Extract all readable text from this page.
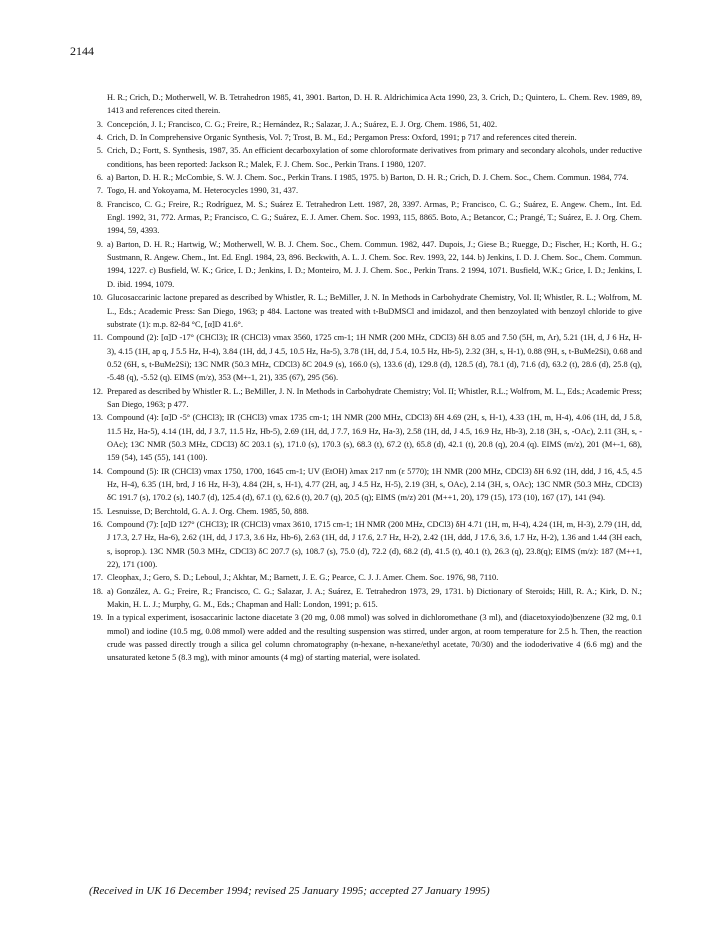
2144
H. R.; Crich, D.; Motherwell, W. B. Tetrahedron 1985, 41, 3901. Barton, D. H. R. Aldrichimica Acta 1990, 23, 3. Crich, D.; Quintero, L. Chem. Rev. 1989, 89, 1413 and references cited therein.
3. Concepción, J. I.; Francisco, C. G.; Freire, R.; Hernández, R.; Salazar, J. A.; Suárez, E. J. Org. Chem. 1986, 51, 402.
4. Crich, D. In Comprehensive Organic Synthesis, Vol. 7; Trost, B. M., Ed.; Pergamon Press: Oxford, 1991; p 717 and references cited therein.
5. Crich, D.; Fortt, S. Synthesis, 1987, 35. An efficient decarboxylation of some chloroformate derivatives from primary and secondary alcohols, under reductive conditions, has been reported: Jackson R.; Malek, F. J. Chem. Soc., Perkin Trans. I 1980, 1207.
6. a) Barton, D. H. R.; McCombie, S. W. J. Chem. Soc., Perkin Trans. I 1985, 1975. b) Barton, D. H. R.; Crich, D. J. Chem. Soc., Chem. Commun. 1984, 774.
7. Togo, H. and Yokoyama, M. Heterocycles 1990, 31, 437.
8. Francisco, C. G.; Freire, R.; Rodríguez, M. S.; Suárez E. Tetrahedron Lett. 1987, 28, 3397. Armas, P.; Francisco, C. G.; Suárez, E. Angew. Chem., Int. Ed. Engl. 1992, 31, 772. Armas, P.; Francisco, C. G.; Suárez, E. J. Amer. Chem. Soc. 1993, 115, 8865. Boto, A.; Betancor, C.; Prangé, T.; Suárez, E. J. Org. Chem. 1994, 59, 4393.
9. a) Barton, D. H. R.; Hartwig, W.; Motherwell, W. B. J. Chem. Soc., Chem. Commun. 1982, 447. Dupois, J.; Giese B.; Ruegge, D.; Fischer, H.; Korth, H. G.; Sustmann, R. Angew. Chem., Int. Ed. Engl. 1984, 23, 896. Beckwith, A. L. J. Chem. Soc. Rev. 1993, 22, 144. b) Jenkins, I. D. J. Chem. Soc., Chem. Commun. 1994, 1227. c) Busfield, W. K.; Grice, I. D.; Jenkins, I. D.; Monteiro, M. J. J. Chem. Soc., Perkin Trans. 2 1994, 1071. Busfield, W.K.; Grice, I. D.; Jenkins, I. D. ibid. 1994, 1079.
10. Glucosaccarinic lactone prepared as described by Whistler, R. L.; BeMiller, J. N. In Methods in Carbohydrate Chemistry, Vol. II; Whistler, R. L.; Wolfrom, M. L., Eds.; Academic Press: San Diego, 1963; p 484. Lactone was treated with t-BuDMSCl and imidazol, and then benzoylated with benzoyl chloride to give substrate (1): m.p. 82-84 °C, [α]D 41.6°.
11. Compound (2): [α]D -17° (CHCl3); IR (CHCl3) νmax 3560, 1725 cm-1; 1H NMR (200 MHz, CDCl3) δH 8.05 and 7.50 (5H, m, Ar), 5.21 (1H, d, J 6 Hz, H-3), 4.15 (1H, ap q, J 5.5 Hz, H-4), 3.84 (1H, dd, J 4.5, 10.5 Hz, Ha-5), 3.78 (1H, dd, J 5.4, 10.5 Hz, Hb-5), 2.32 (3H, s, H-1), 0.88 (9H, s, t-BuMe2Si), 0.68 and 0.52 (6H, s, t-BuMe2Si); 13C NMR (50.3 MHz, CDCl3) δC 204.9 (s), 166.0 (s), 133.6 (d), 129.8 (d), 128.5 (d), 78.1 (d), 71.6 (d), 63.2 (t), 28.6 (d), 25.8 (q), -5.48 (q), -5.52 (q). EIMS (m/z), 353 (M+-1, 21), 335 (67), 295 (56).
12. Prepared as described by Whistler R. L.; BeMiller, J. N. In Methods in Carbohydrate Chemistry; Vol. II; Whistler, R.L.; Wolfrom, M. L., Eds.; Academic Press; San Diego, 1963; p 477.
13. Compound (4): [α]D -5° (CHCl3); IR (CHCl3) νmax 1735 cm-1; 1H NMR (200 MHz, CDCl3) δH 4.69 (2H, s, H-1), 4.33 (1H, m, H-4), 4.06 (1H, dd, J 5.8, 11.5 Hz, Ha-5), 4.14 (1H, dd, J 3.7, 11.5 Hz, Hb-5), 2.69 (1H, dd, J 7.7, 16.9 Hz, Ha-3), 2.58 (1H, dd, J 4.5, 16.9 Hz, Hb-3), 2.18 (3H, s, -OAc), 2.11 (3H, s, -OAc); 13C NMR (50.3 MHz, CDCl3) δC 203.1 (s), 171.0 (s), 170.3 (s), 68.3 (t), 67.2 (t), 65.8 (d), 42.1 (t), 20.8 (q), 20.4 (q). EIMS (m/z), 201 (M+-1, 68), 159 (54), 145 (55), 141 (100).
14. Compound (5): IR (CHCl3) νmax 1750, 1700, 1645 cm-1; UV (EtOH) λmax 217 nm (ε 5770); 1H NMR (200 MHz, CDCl3) δH 6.92 (1H, ddd, J 16, 4.5, 4.5 Hz, H-4), 6.35 (1H, brd, J 16 Hz, H-3), 4.84 (2H, s, H-1), 4.77 (2H, aq, J 4.5 Hz, H-5), 2.19 (3H, s, OAc), 2.14 (3H, s, OAc); 13C NMR (50.3 MHz, CDCl3) δC 191.7 (s), 170.2 (s), 140.7 (d), 125.4 (d), 67.1 (t), 62.6 (t), 20.7 (q), 20.5 (q); EIMS (m/z) 201 (M++1, 20), 179 (15), 173 (10), 167 (17), 141 (94).
15. Lesnuisse, D; Berchtold, G. A. J. Org. Chem. 1985, 50, 888.
16. Compound (7): [α]D 127° (CHCl3); IR (CHCl3) νmax 3610, 1715 cm-1; 1H NMR (200 MHz, CDCl3) δH 4.71 (1H, m, H-4), 4.24 (1H, m, H-3), 2.79 (1H, dd, J 17.3, 2.7 Hz, Ha-6), 2.62 (1H, dd, J 17.3, 3.6 Hz, Hb-6), 2.63 (1H, dd, J 17.6, 2.7 Hz, H-2), 2.42 (1H, ddd, J 17.6, 3.6, 1.7 Hz, H-2), 1.36 and 1.44 (3H each, s, isoprop.). 13C NMR (50.3 MHz, CDCl3) δC 207.7 (s), 108.7 (s), 75.0 (d), 72.2 (d), 68.2 (d), 41.5 (t), 40.1 (t), 26.3 (q), 23.8(q); EIMS (m/z): 187 (M++1, 22), 171 (100).
17. Cleophax, J.; Gero, S. D.; Leboul, J.; Akhtar, M.; Barnett, J. E. G.; Pearce, C. J. J. Amer. Chem. Soc. 1976, 98, 7110.
18. a) González, A. G.; Freire, R.; Francisco, C. G.; Salazar, J. A.; Suárez, E. Tetrahedron 1973, 29, 1731. b) Dictionary of Steroids; Hill, R. A.; Kirk, D. N.; Makin, H. L. J.; Murphy, G. M., Eds.; Chapman and Hall: London, 1991; p. 615.
19. In a typical experiment, isosaccarinic lactone diacetate 3 (20 mg, 0.08 mmol) was solved in dichloromethane (3 ml), and (diacetoxyiodo)benzene (32 mg, 0.1 mmol) and iodine (10.5 mg, 0.08 mmol) were added and the resulting suspension was stirred, under argon, at room temperature for 2.5 h. Then, the reaction crude was passed directly trough a silica gel column chromatography (n-hexane, n-hexane/ethyl acetate, 70/30) and the iododerivative 4 (6.6 mg) and the unsaturated ketone 5 (8.3 mg), with minor amounts (4 mg) of starting material, were isolated.
(Received in UK 16 December 1994; revised 25 January 1995; accepted 27 January 1995)
